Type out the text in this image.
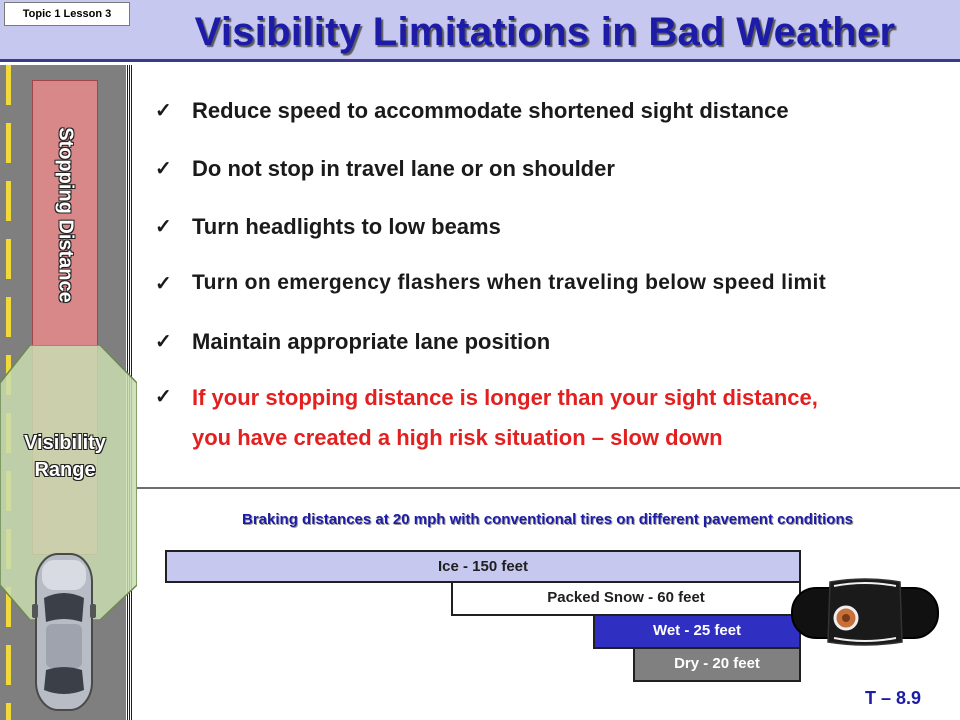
Visibility Limitations in Bad Weather
Topic 1 Lesson 3
Stopping Distance
Visibility
Range
✓ Reduce speed to accommodate shortened sight distance
✓ Do not stop in travel lane or on shoulder
✓ Turn headlights to low beams
✓ Turn on emergency flashers when traveling below speed limit
✓ Maintain appropriate lane position
✓ If your stopping distance is longer than your sight distance,
you have created a high risk situation – slow down
Braking distances at 20 mph with conventional tires on different pavement conditions
Ice - 150 feet
Packed Snow - 60 feet
Wet - 25 feet
Dry - 20 feet
T – 8.9
